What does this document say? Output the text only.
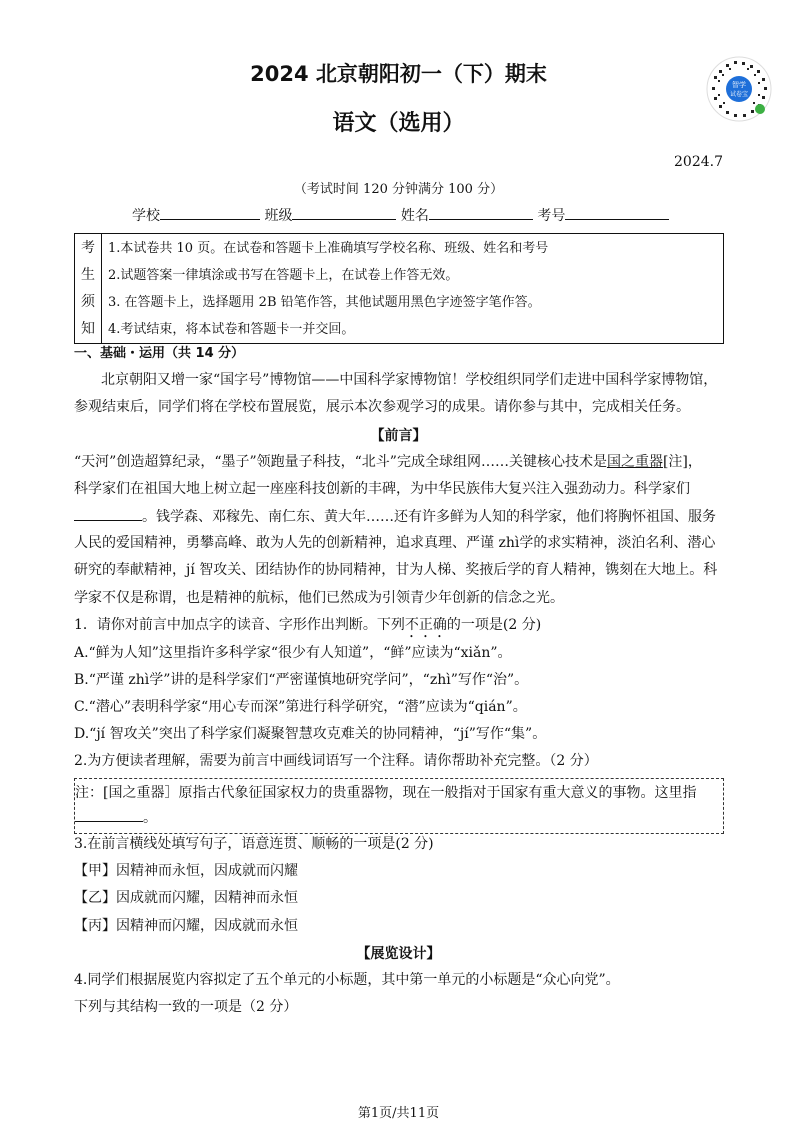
2024 北京朝阳初一（下）期末
语文（选用）
智学
试卷宝
2024.7
（考试时间 120 分钟满分 100 分）
学校	班级	姓名	考号
考
生
须
知
1.本试卷共 10 页。在试卷和答题卡上准确填写学校名称、班级、姓名和考号
2.试题答案一律填涂或书写在答题卡上，在试卷上作答无效。
3. 在答题卡上，选择题用 2B 铅笔作答，其他试题用黑色字迹签字笔作答。
4.考试结束，将本试卷和答题卡一并交回。
一、基础・运用（共 14 分）
北京朝阳又增一家“国字号”博物馆——中国科学家博物馆！学校组织同学们走进中国科学家博物馆，
参观结束后，同学们将在学校布置展览，展示本次参观学习的成果。请你参与其中，完成相关任务。
【前言】
“天河”创造超算纪录，“墨子”领跑量子科技，“北斗”完成全球组网……关键核心技术是国之重器[注]，
科学家们在祖国大地上树立起一座座科技创新的丰碑，为中华民族伟大复兴注入强劲动力。科学家们
。钱学森、邓稼先、南仁东、黄大年……还有许多鲜为人知的科学家，他们将胸怀祖国、服务
人民的爱国精神，勇攀高峰、敢为人先的创新精神，追求真理、严谨 zhì学的求实精神，淡泊名利、潜心
研究的奉献精神，jí 智攻关、团结协作的协同精神，甘为人梯、奖掖后学的育人精神，镌刻在大地上。科
学家不仅是称谓，也是精神的航标，他们已然成为引领青少年创新的信念之光。
1．请你对前言中加点字的读音、字形作出判断。下列不正确的一项是(2 分)
A.“鲜为人知”这里指许多科学家“很少有人知道”，“鲜”应读为“xiǎn”。
B.“严谨 zhì学”讲的是科学家们“严密谨慎地研究学问”，“zhì”写作“治”。
C.“潜心”表明科学家“用心专而深”第进行科学研究，“潜”应读为“qián”。
D.“jí 智攻关”突出了科学家们凝聚智慧攻克难关的协同精神，“jí”写作“集”。
2.为方便读者理解，需要为前言中画线词语写一个注释。请你帮助补充完整。（2 分）
注：[国之重器］原指古代象征国家权力的贵重器物，现在一般指对于国家有重大意义的事物。这里指
。
3.在前言横线处填写句子，语意连贯、顺畅的一项是(2 分)
【甲】因精神而永恒，因成就而闪耀
【乙】因成就而闪耀，因精神而永恒
【丙】因精神而闪耀，因成就而永恒
【展览设计】
4.同学们根据展览内容拟定了五个单元的小标题，其中第一单元的小标题是“众心向党”。
下列与其结构一致的一项是（2 分）
第1页/共11页
